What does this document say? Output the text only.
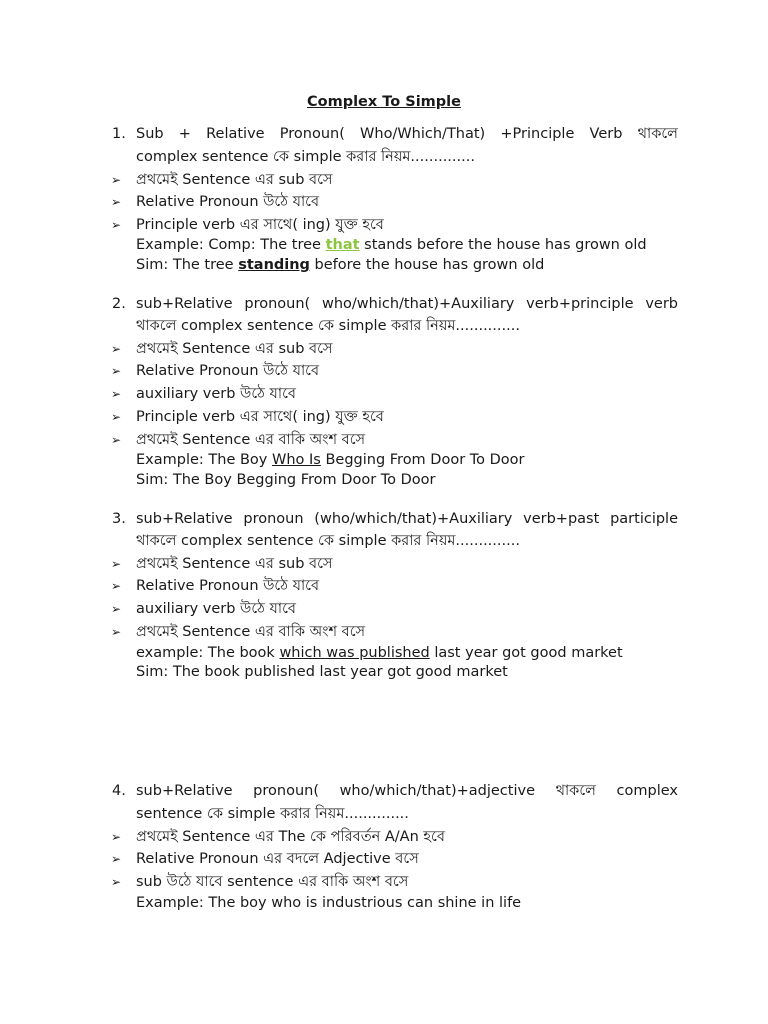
Complex To Simple
1. Sub + Relative Pronoun( Who/Which/That) +Principle Verb থাকলে
complex sentence কে simple করার নিয়ম..............
➢ প্রথমেই Sentence এর sub বসে
➢ Relative Pronoun উঠে যাবে
➢ Principle verb এর সাথে( ing) যুক্ত হবে
Example: Comp: The tree that stands before the house has grown old
Sim: The tree standing before the house has grown old
2. sub+Relative pronoun( who/which/that)+Auxiliary verb+principle verb
থাকলে complex sentence কে simple করার নিয়ম..............
➢ প্রথমেই Sentence এর sub বসে
➢ Relative Pronoun উঠে যাবে
➢ auxiliary verb উঠে যাবে
➢ Principle verb এর সাথে( ing) যুক্ত হবে
➢ প্রথমেই Sentence এর বাকি অংশ বসে
Example: The Boy Who Is Begging From Door To Door
Sim: The Boy Begging From Door To Door
3. sub+Relative pronoun (who/which/that)+Auxiliary verb+past participle
থাকলে complex sentence কে simple করার নিয়ম..............
➢ প্রথমেই Sentence এর sub বসে
➢ Relative Pronoun উঠে যাবে
➢ auxiliary verb উঠে যাবে
➢ প্রথমেই Sentence এর বাকি অংশ বসে
example: The book which was published last year got good market
Sim: The book published last year got good market
4. sub+Relative pronoun( who/which/that)+adjective থাকলে complex
sentence কে simple করার নিয়ম..............
➢ প্রথমেই Sentence এর The কে পরিবর্তন A/An হবে
➢ Relative Pronoun এর বদলে Adjective বসে
➢ sub উঠে যাবে sentence এর বাকি অংশ বসে
Example: The boy who is industrious can shine in life
